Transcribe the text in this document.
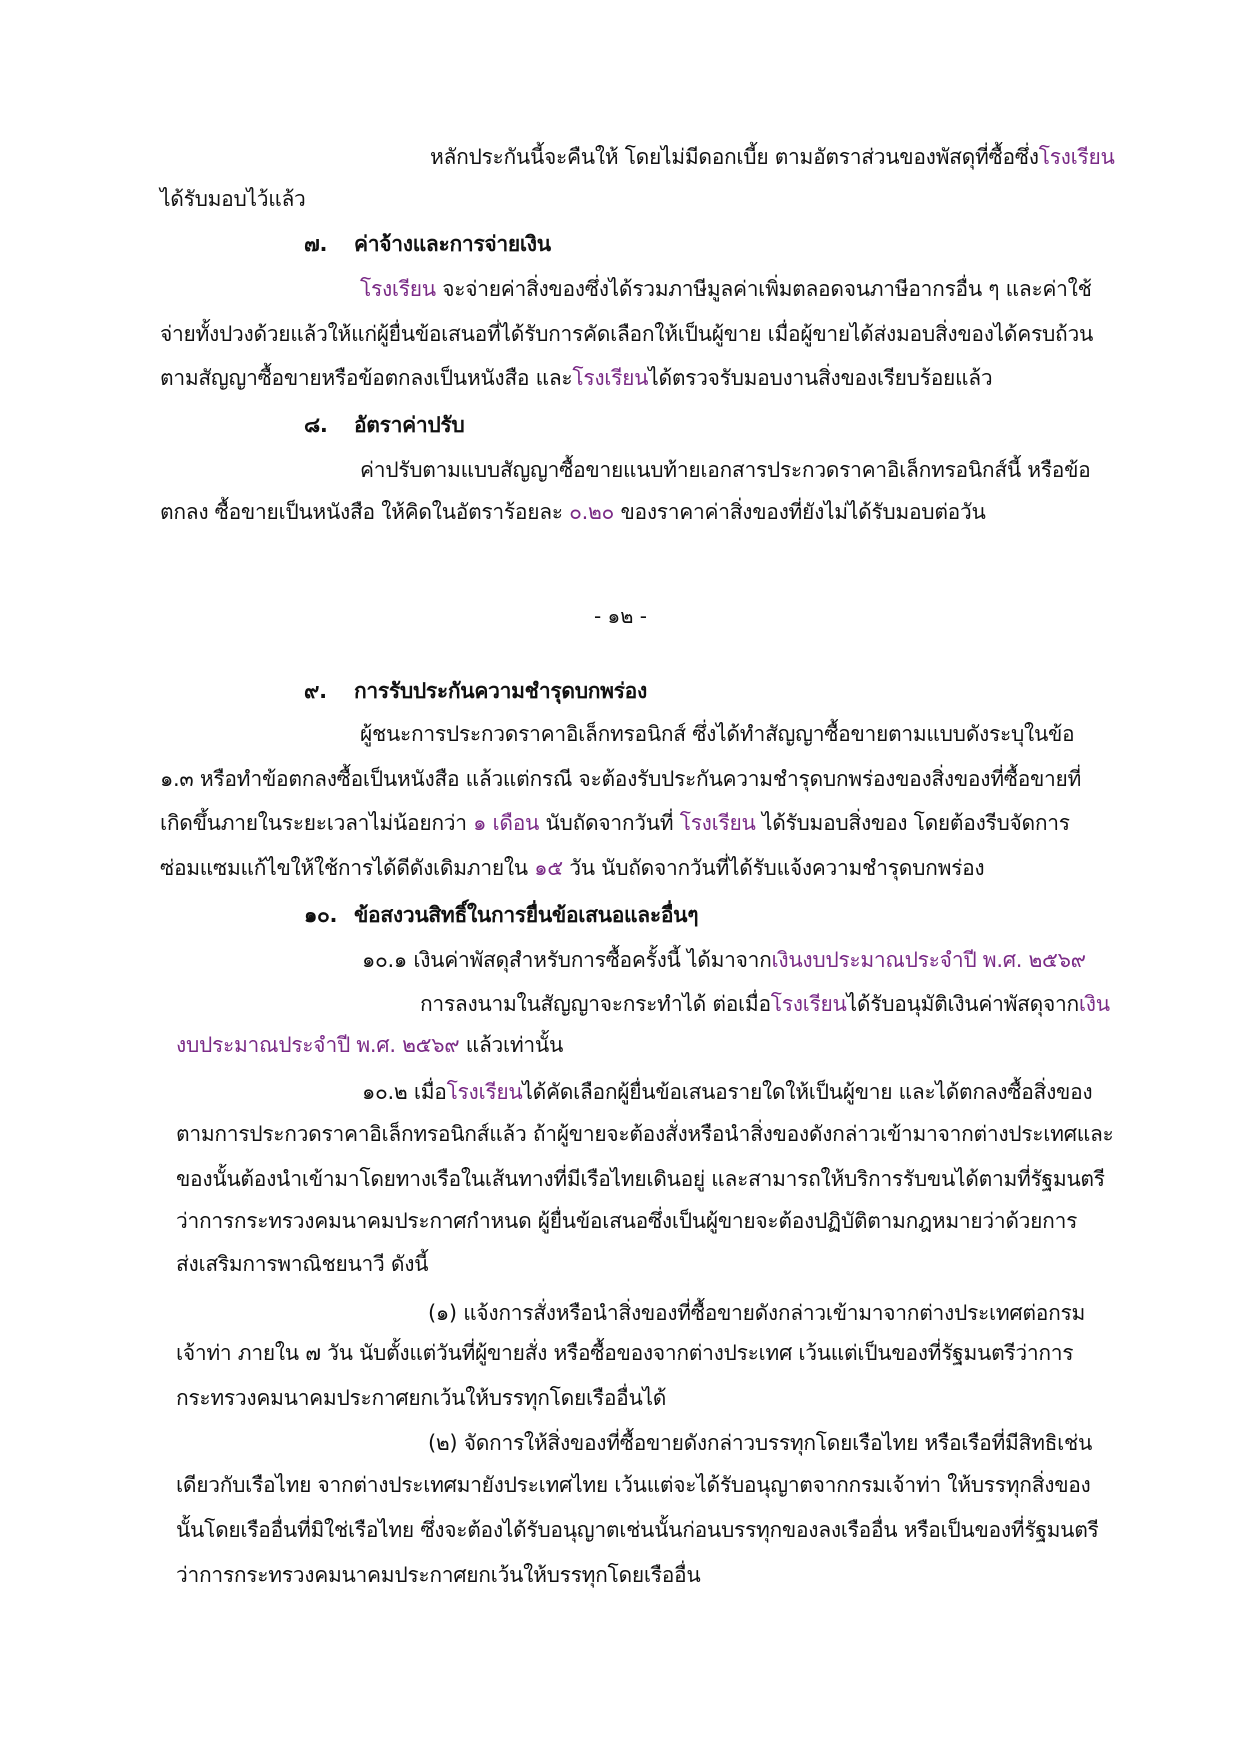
- ๑๒ -
หลักประกันนี้จะคืนให้ โดยไม่มีดอกเบี้ย ตามอัตราส่วนของพัสดุที่ซื้อซึ่งโรงเรียน
ได้รับมอบไว้แล้ว
๗. ค่าจ้างและการจ่ายเงิน
โรงเรียน จะจ่ายค่าสิ่งของซึ่งได้รวมภาษีมูลค่าเพิ่มตลอดจนภาษีอากรอื่น ๆ และค่าใช้
จ่ายทั้งปวงด้วยแล้วให้แก่ผู้ยื่นข้อเสนอที่ได้รับการคัดเลือกให้เป็นผู้ขาย เมื่อผู้ขายได้ส่งมอบสิ่งของได้ครบถ้วน
ตามสัญญาซื้อขายหรือข้อตกลงเป็นหนังสือ และโรงเรียนได้ตรวจรับมอบงานสิ่งของเรียบร้อยแล้ว
๘. อัตราค่าปรับ
ค่าปรับตามแบบสัญญาซื้อขายแนบท้ายเอกสารประกวดราคาอิเล็กทรอนิกส์นี้ หรือข้อ
ตกลง ซื้อขายเป็นหนังสือ ให้คิดในอัตราร้อยละ ๐.๒๐ ของราคาค่าสิ่งของที่ยังไม่ได้รับมอบต่อวัน
๙. การรับประกันความชำรุดบกพร่อง
ผู้ชนะการประกวดราคาอิเล็กทรอนิกส์ ซึ่งได้ทำสัญญาซื้อขายตามแบบดังระบุในข้อ
๑.๓ หรือทำข้อตกลงซื้อเป็นหนังสือ แล้วแต่กรณี จะต้องรับประกันความชำรุดบกพร่องของสิ่งของที่ซื้อขายที่
เกิดขึ้นภายในระยะเวลาไม่น้อยกว่า ๑ เดือน นับถัดจากวันที่ โรงเรียน ได้รับมอบสิ่งของ โดยต้องรีบจัดการ
ซ่อมแซมแก้ไขให้ใช้การได้ดีดังเดิมภายใน ๑๕ วัน นับถัดจากวันที่ได้รับแจ้งความชำรุดบกพร่อง
๑๐. ข้อสงวนสิทธิ์ในการยื่นข้อเสนอและอื่นๆ
๑๐.๑ เงินค่าพัสดุสำหรับการซื้อครั้งนี้ ได้มาจากเงินงบประมาณประจำปี พ.ศ. ๒๕๖๙
การลงนามในสัญญาจะกระทำได้ ต่อเมื่อโรงเรียนได้รับอนุมัติเงินค่าพัสดุจากเงิน
งบประมาณประจำปี พ.ศ. ๒๕๖๙ แล้วเท่านั้น
๑๐.๒ เมื่อโรงเรียนได้คัดเลือกผู้ยื่นข้อเสนอรายใดให้เป็นผู้ขาย และได้ตกลงซื้อสิ่งของ
ตามการประกวดราคาอิเล็กทรอนิกส์แล้ว ถ้าผู้ขายจะต้องสั่งหรือนำสิ่งของดังกล่าวเข้ามาจากต่างประเทศและ
ของนั้นต้องนำเข้ามาโดยทางเรือในเส้นทางที่มีเรือไทยเดินอยู่ และสามารถให้บริการรับขนได้ตามที่รัฐมนตรี
ว่าการกระทรวงคมนาคมประกาศกำหนด ผู้ยื่นข้อเสนอซึ่งเป็นผู้ขายจะต้องปฏิบัติตามกฎหมายว่าด้วยการ
ส่งเสริมการพาณิชยนาวี ดังนี้
(๑) แจ้งการสั่งหรือนำสิ่งของที่ซื้อขายดังกล่าวเข้ามาจากต่างประเทศต่อกรม
เจ้าท่า ภายใน ๗ วัน นับตั้งแต่วันที่ผู้ขายสั่ง หรือซื้อของจากต่างประเทศ เว้นแต่เป็นของที่รัฐมนตรีว่าการ
กระทรวงคมนาคมประกาศยกเว้นให้บรรทุกโดยเรืออื่นได้
(๒) จัดการให้สิ่งของที่ซื้อขายดังกล่าวบรรทุกโดยเรือไทย หรือเรือที่มีสิทธิเช่น
เดียวกับเรือไทย จากต่างประเทศมายังประเทศไทย เว้นแต่จะได้รับอนุญาตจากกรมเจ้าท่า ให้บรรทุกสิ่งของ
นั้นโดยเรืออื่นที่มิใช่เรือไทย ซึ่งจะต้องได้รับอนุญาตเช่นนั้นก่อนบรรทุกของลงเรืออื่น หรือเป็นของที่รัฐมนตรี
ว่าการกระทรวงคมนาคมประกาศยกเว้นให้บรรทุกโดยเรืออื่น
